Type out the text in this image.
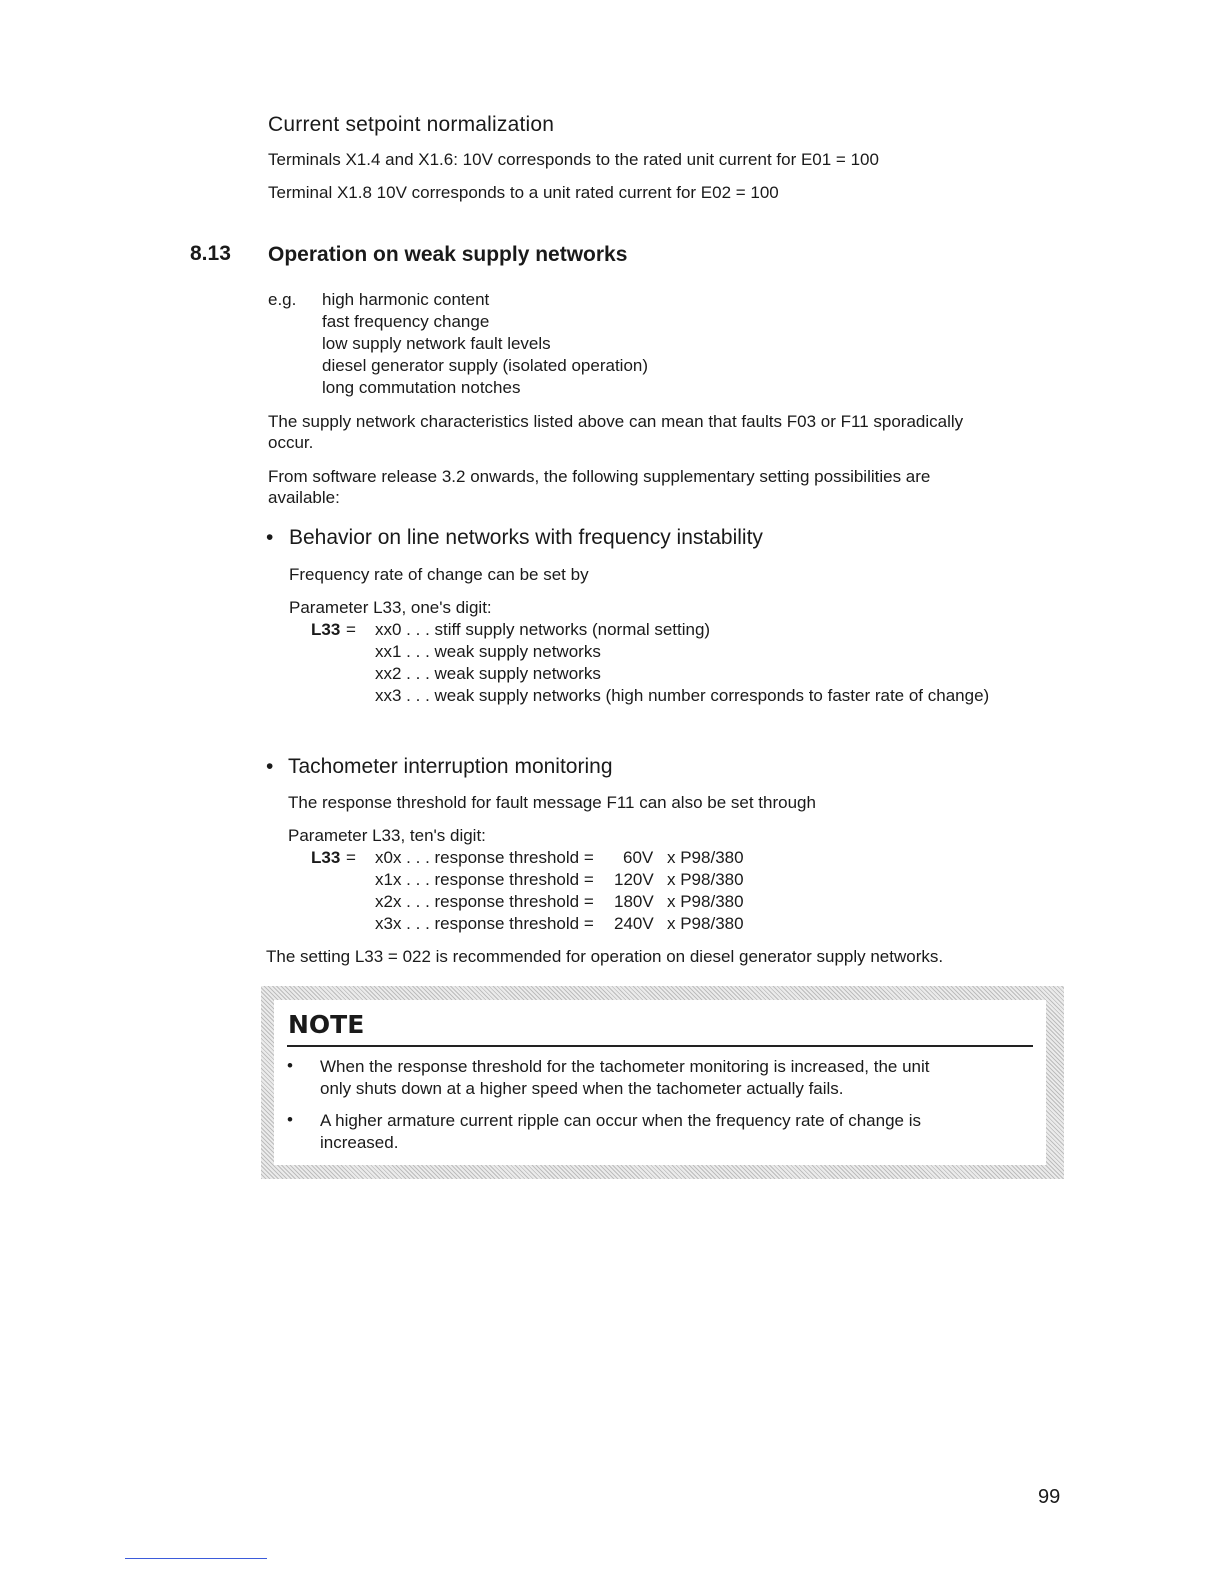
Current setpoint normalization
Terminals X1.4 and X1.6: 10V corresponds to the rated unit current for E01 = 100
Terminal X1.8 10V corresponds to a unit rated current for E02 = 100
8.13 Operation on weak supply networks
e.g. high harmonic content
fast frequency change
low supply network fault levels
diesel generator supply (isolated operation)
long commutation notches
The supply network characteristics listed above can mean that faults F03 or F11 sporadically
occur.
From software release 3.2 onwards, the following supplementary setting possibilities are
available:
• Behavior on line networks with frequency instability
Frequency rate of change can be set by
Parameter L33, one's digit:
L33 = xx0 . . . stiff supply networks (normal setting)
xx1 . . . weak supply networks
xx2 . . . weak supply networks
xx3 . . . weak supply networks (high number corresponds to faster rate of change)
• Tachometer interruption monitoring
The response threshold for fault message F11 can also be set through
Parameter L33, ten's digit:
L33 = x0x . . . response threshold = 60V x P98/380
x1x . . . response threshold = 120V x P98/380
x2x . . . response threshold = 180V x P98/380
x3x . . . response threshold = 240V x P98/380
The setting L33 = 022 is recommended for operation on diesel generator supply networks.
NOTE
• When the response threshold for the tachometer monitoring is increased, the unit
only shuts down at a higher speed when the tachometer actually fails.
• A higher armature current ripple can occur when the frequency rate of change is
increased.
99
